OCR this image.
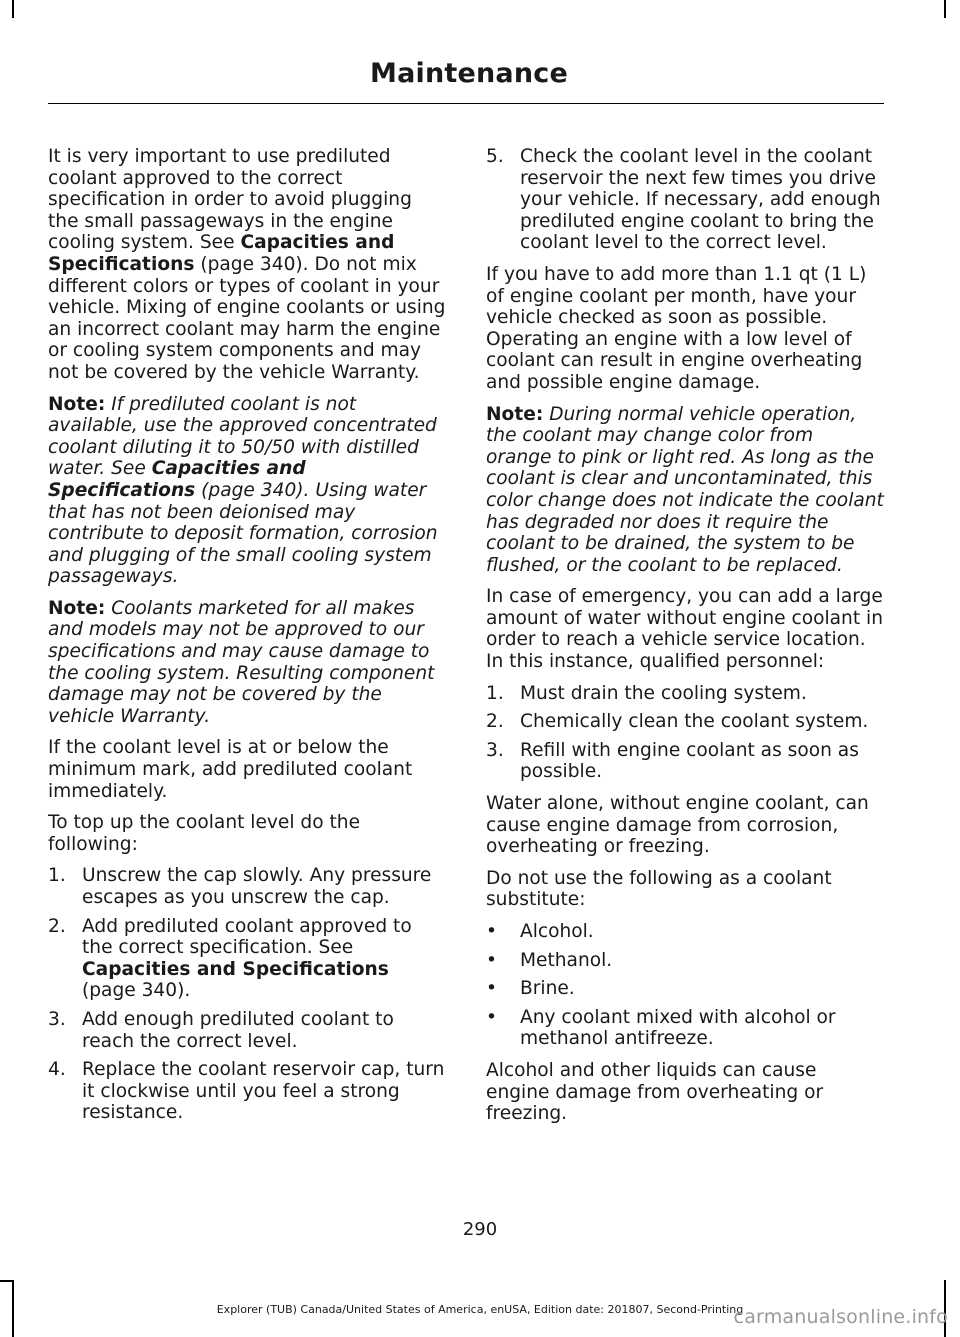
Maintenance

It is very important to use prediluted coolant approved to the correct specification in order to avoid plugging the small passageways in the engine cooling system. See Capacities and Specifications (page 340). Do not mix different colors or types of coolant in your vehicle. Mixing of engine coolants or using an incorrect coolant may harm the engine or cooling system components and may not be covered by the vehicle Warranty.

Note: If prediluted coolant is not available, use the approved concentrated coolant diluting it to 50/50 with distilled water. See Capacities and Specifications (page 340). Using water that has not been deionised may contribute to deposit formation, corrosion and plugging of the small cooling system passageways.

Note: Coolants marketed for all makes and models may not be approved to our specifications and may cause damage to the cooling system. Resulting component damage may not be covered by the vehicle Warranty.

If the coolant level is at or below the minimum mark, add prediluted coolant immediately.

To top up the coolant level do the following:

1. Unscrew the cap slowly. Any pressure escapes as you unscrew the cap.
2. Add prediluted coolant approved to the correct specification. See Capacities and Specifications (page 340).
3. Add enough prediluted coolant to reach the correct level.
4. Replace the coolant reservoir cap, turn it clockwise until you feel a strong resistance.
5. Check the coolant level in the coolant reservoir the next few times you drive your vehicle. If necessary, add enough prediluted engine coolant to bring the coolant level to the correct level.

If you have to add more than 1.1 qt (1 L) of engine coolant per month, have your vehicle checked as soon as possible. Operating an engine with a low level of coolant can result in engine overheating and possible engine damage.

Note: During normal vehicle operation, the coolant may change color from orange to pink or light red. As long as the coolant is clear and uncontaminated, this color change does not indicate the coolant has degraded nor does it require the coolant to be drained, the system to be flushed, or the coolant to be replaced.

In case of emergency, you can add a large amount of water without engine coolant in order to reach a vehicle service location. In this instance, qualified personnel:

1. Must drain the cooling system.
2. Chemically clean the coolant system.
3. Refill with engine coolant as soon as possible.

Water alone, without engine coolant, can cause engine damage from corrosion, overheating or freezing.

Do not use the following as a coolant substitute:

• Alcohol.
• Methanol.
• Brine.
• Any coolant mixed with alcohol or methanol antifreeze.

Alcohol and other liquids can cause engine damage from overheating or freezing.

290
Explorer (TUB) Canada/United States of America, enUSA, Edition date: 201807, Second-Printing
carmanualsonline.info
